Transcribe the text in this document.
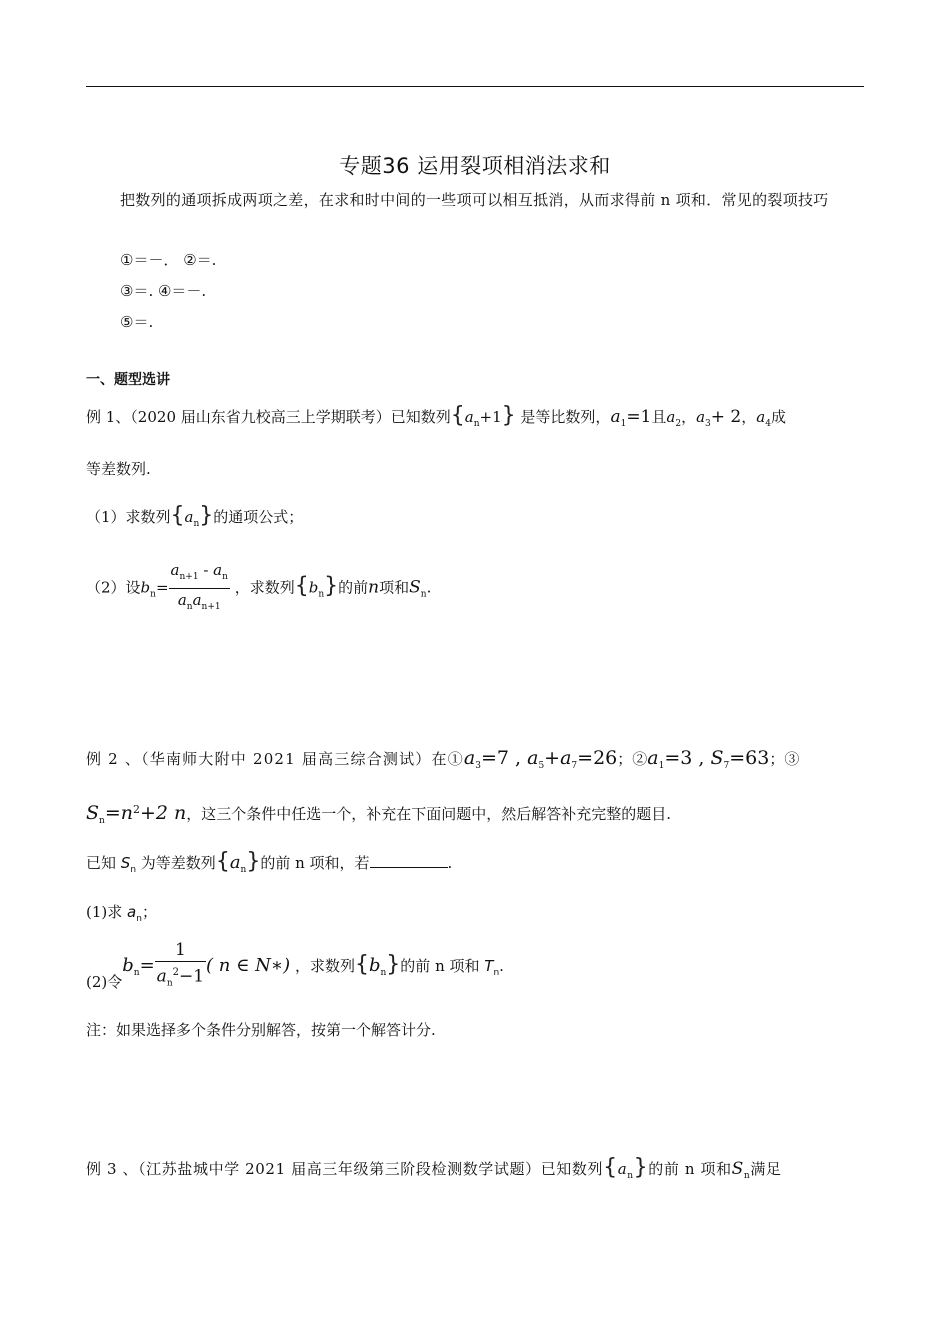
专题36 运用裂项相消法求和
把数列的通项拆成两项之差，在求和时中间的一些项可以相互抵消，从而求得前 n 项和．常见的裂项技巧
①＝－． ②＝.
③＝. ④＝－.
⑤＝.
一、题型选讲
例 1、（2020 届山东省九校高三上学期联考）已知数列$\{a_n+1\}$ 是等比数列，$a_1=1$且$a_2$，$a_3+ 2$，$a_4$成
等差数列.
（1）求数列$\{a_n\}$的通项公式；
（2）设$b_n= \frac{a_{n+1} - a_n}{a_na_{n+1}}$ ，求数列$\{b_n\}$的前n项和$S_n$.
例 2 、（华南师大附中 2021 届高三综合测试）在$①a_3=7$ , $a_5+a_7=26$；$②a_1=3$ , $S_7=63$；③
$S_n=n^2+2$ n，这三个条件中任选一个，补充在下面问题中，然后解答补充完整的题目.
已知 $S_n$ 为等差数列$\{a_n\}$的前 n 项和，若	.
(1)求 $a_n$；
(2)令$b_n= \frac{1}{a_n^2-1}$ ( n ∈ N∗) ，求数列$\{b_n\}$的前 n 项和 $T_n$.
注：如果选择多个条件分别解答，按第一个解答计分.
例 3 、（江苏盐城中学 2021 届高三年级第三阶段检测数学试题）已知数列$\{a_n\}$的前 n 项和$S_n$满足
